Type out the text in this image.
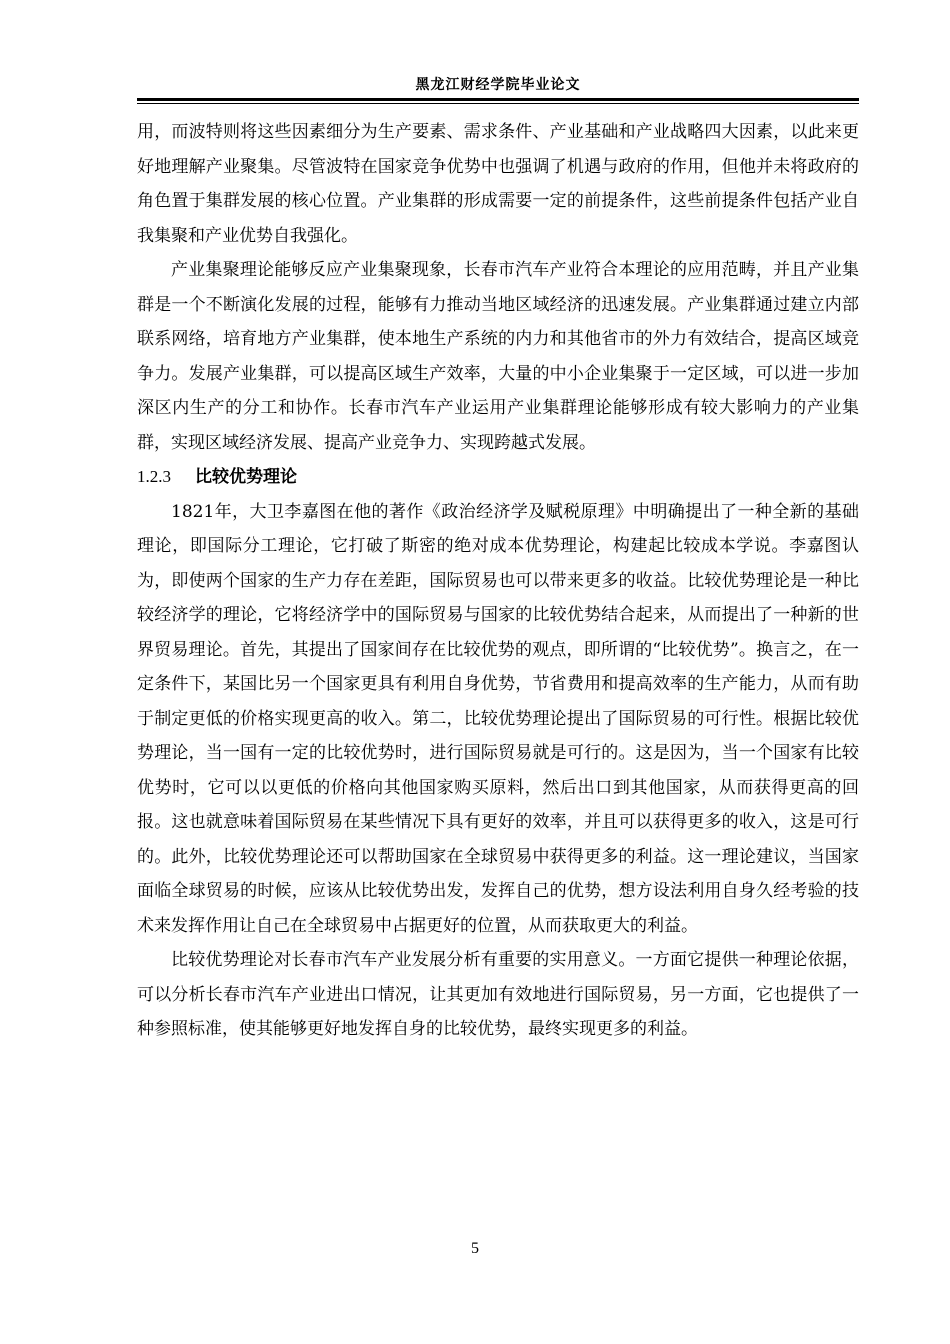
黑龙江财经学院毕业论文

用，而波特则将这些因素细分为生产要素、需求条件、产业基础和产业战略四大因素，以此来更好地理解产业聚集。尽管波特在国家竞争优势中也强调了机遇与政府的作用，但他并未将政府的角色置于集群发展的核心位置。产业集群的形成需要一定的前提条件，这些前提条件包括产业自我集聚和产业优势自我强化。

产业集聚理论能够反应产业集聚现象，长春市汽车产业符合本理论的应用范畴，并且产业集群是一个不断演化发展的过程，能够有力推动当地区域经济的迅速发展。产业集群通过建立内部联系网络，培育地方产业集群，使本地生产系统的内力和其他省市的外力有效结合，提高区域竞争力。发展产业集群，可以提高区域生产效率，大量的中小企业集聚于一定区域，可以进一步加深区内生产的分工和协作。长春市汽车产业运用产业集群理论能够形成有较大影响力的产业集群，实现区域经济发展、提高产业竞争力、实现跨越式发展。

1.2.3 比较优势理论

1821年，大卫李嘉图在他的著作《政治经济学及赋税原理》中明确提出了一种全新的基础理论，即国际分工理论，它打破了斯密的绝对成本优势理论，构建起比较成本学说。李嘉图认为，即使两个国家的生产力存在差距，国际贸易也可以带来更多的收益。比较优势理论是一种比较经济学的理论，它将经济学中的国际贸易与国家的比较优势结合起来，从而提出了一种新的世界贸易理论。首先，其提出了国家间存在比较优势的观点，即所谓的“比较优势”。换言之，在一定条件下，某国比另一个国家更具有利用自身优势，节省费用和提高效率的生产能力，从而有助于制定更低的价格实现更高的收入。第二，比较优势理论提出了国际贸易的可行性。根据比较优势理论，当一国有一定的比较优势时，进行国际贸易就是可行的。这是因为，当一个国家有比较优势时，它可以以更低的价格向其他国家购买原料，然后出口到其他国家，从而获得更高的回报。这也就意味着国际贸易在某些情况下具有更好的效率，并且可以获得更多的收入，这是可行的。此外，比较优势理论还可以帮助国家在全球贸易中获得更多的利益。这一理论建议，当国家面临全球贸易的时候，应该从比较优势出发，发挥自己的优势，想方设法利用自身久经考验的技术来发挥作用让自己在全球贸易中占据更好的位置，从而获取更大的利益。

比较优势理论对长春市汽车产业发展分析有重要的实用意义。一方面它提供一种理论依据，可以分析长春市汽车产业进出口情况，让其更加有效地进行国际贸易，另一方面，它也提供了一种参照标准，使其能够更好地发挥自身的比较优势，最终实现更多的利益。

5
